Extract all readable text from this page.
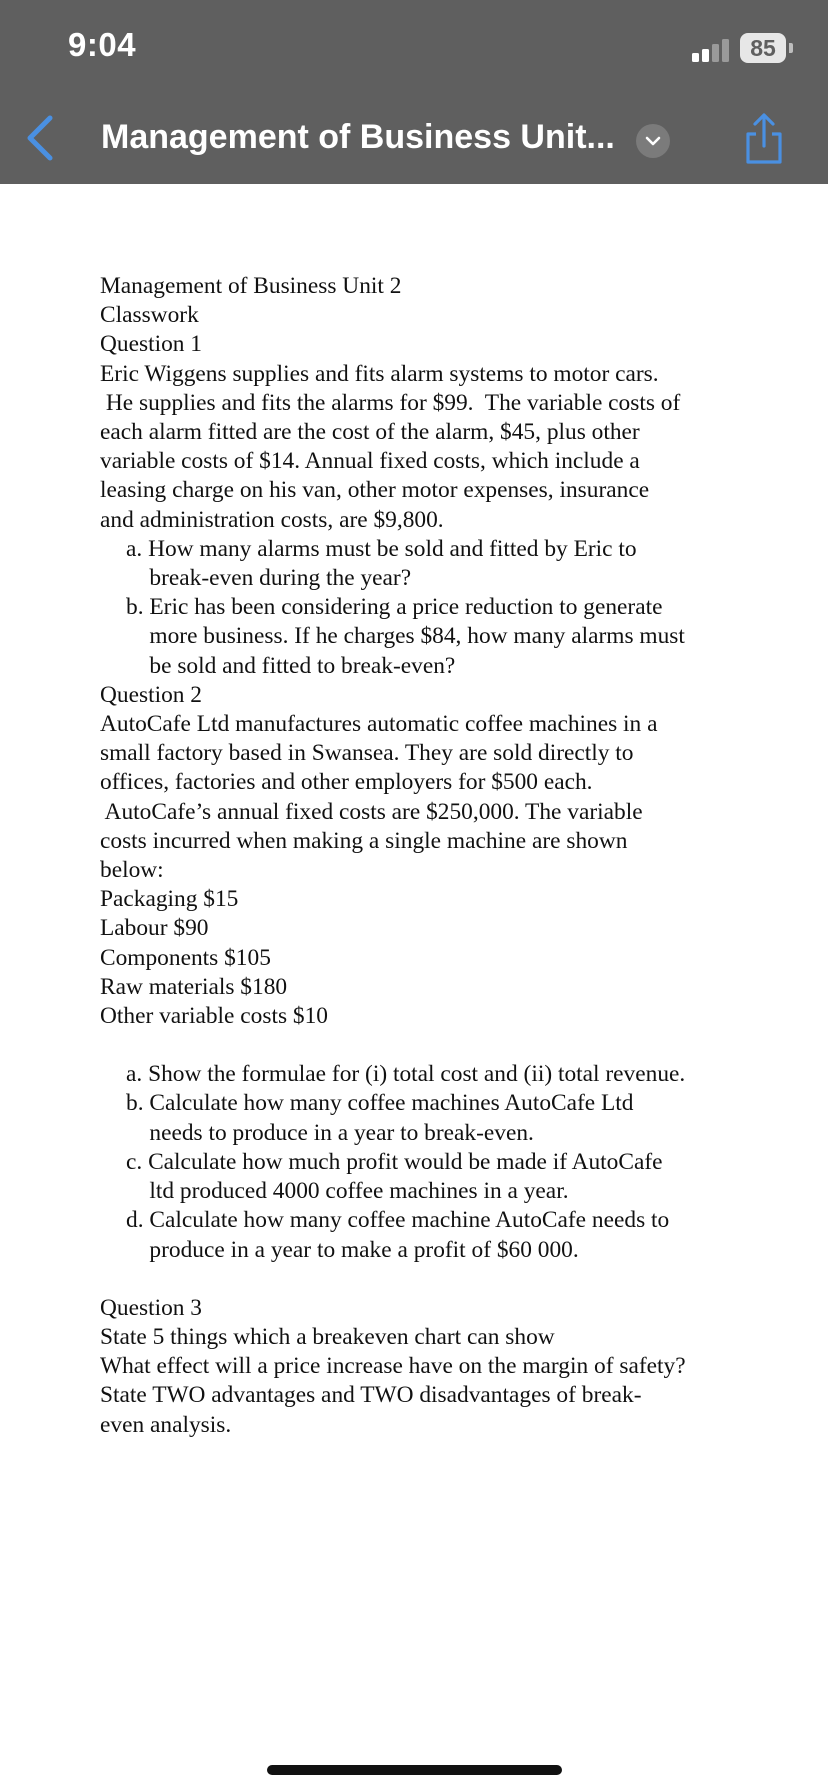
9:04	85
Management of Business Unit...
Management of Business Unit 2
Classwork
Question 1
Eric Wiggens supplies and fits alarm systems to motor cars.
He supplies and fits the alarms for $99.  The variable costs of
each alarm fitted are the cost of the alarm, $45, plus other
variable costs of $14. Annual fixed costs, which include a
leasing charge on his van, other motor expenses, insurance
and administration costs, are $9,800.
a. How many alarms must be sold and fitted by Eric to
break-even during the year?
b. Eric has been considering a price reduction to generate
more business. If he charges $84, how many alarms must
be sold and fitted to break-even?
Question 2
AutoCafe Ltd manufactures automatic coffee machines in a
small factory based in Swansea. They are sold directly to
offices, factories and other employers for $500 each.
AutoCafe’s annual fixed costs are $250,000. The variable
costs incurred when making a single machine are shown
below:
Packaging $15
Labour $90
Components $105
Raw materials $180
Other variable costs $10
a. Show the formulae for (i) total cost and (ii) total revenue.
b. Calculate how many coffee machines AutoCafe Ltd
needs to produce in a year to break-even.
c. Calculate how much profit would be made if AutoCafe
ltd produced 4000 coffee machines in a year.
d. Calculate how many coffee machine AutoCafe needs to
produce in a year to make a profit of $60 000.
Question 3
State 5 things which a breakeven chart can show
What effect will a price increase have on the margin of safety?
State TWO advantages and TWO disadvantages of break-
even analysis.
